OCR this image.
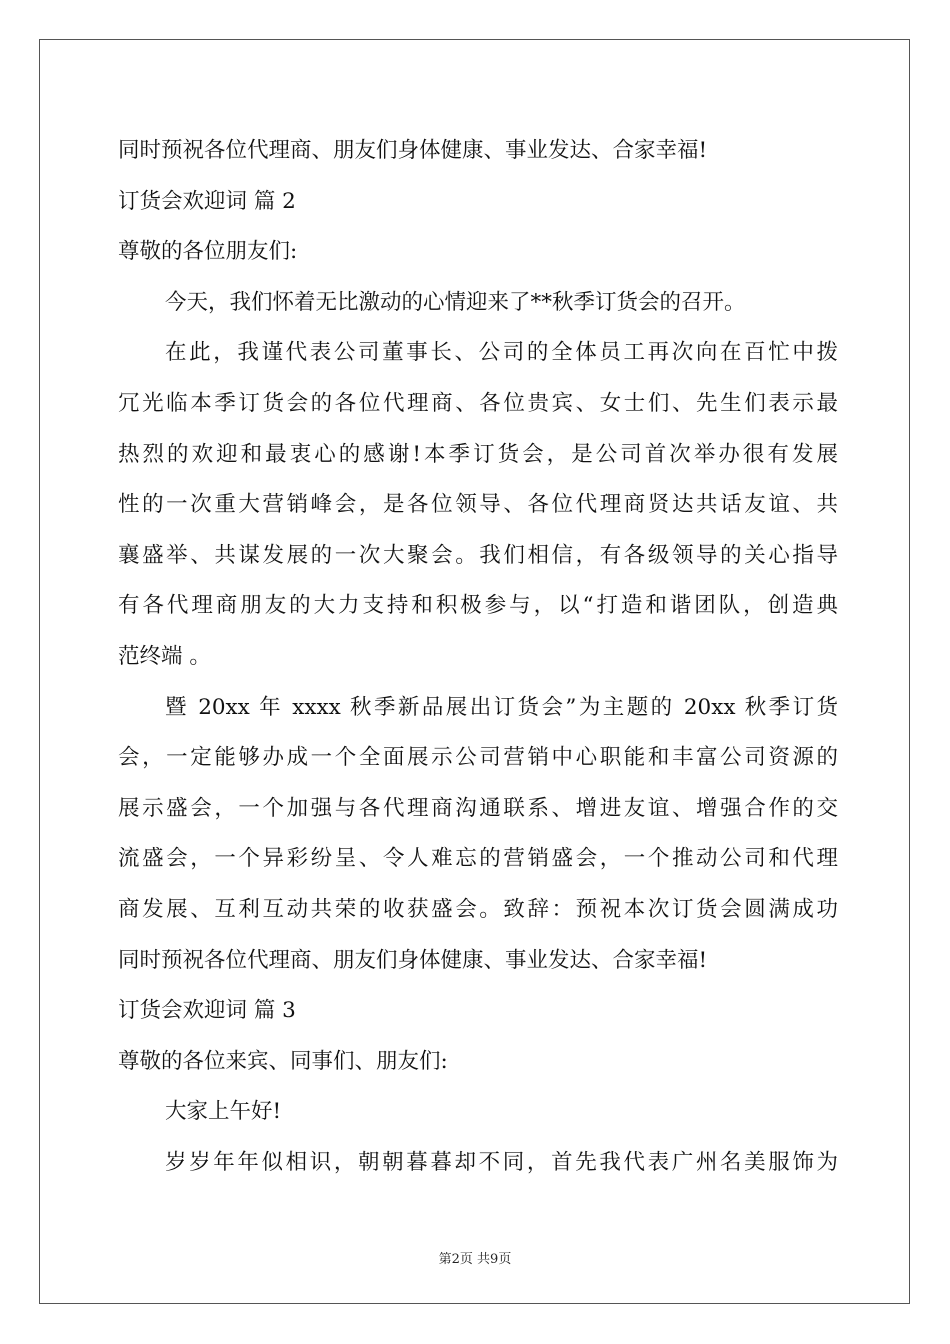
同时预祝各位代理商、朋友们身体健康、事业发达、合家幸福!
订货会欢迎词 篇 2
尊敬的各位朋友们:
今天，我们怀着无比激动的心情迎来了**秋季订货会的召开。
在此，我谨代表公司董事长、公司的全体员工再次向在百忙中拨
冗光临本季订货会的各位代理商、各位贵宾、女士们、先生们表示最
热烈的欢迎和最衷心的感谢!本季订货会，是公司首次举办很有发展
性的一次重大营销峰会，是各位领导、各位代理商贤达共话友谊、共
襄盛举、共谋发展的一次大聚会。我们相信，有各级领导的关心指导
有各代理商朋友的大力支持和积极参与，以“打造和谐团队，创造典
范终端 。
暨 20xx 年 xxxx 秋季新品展出订货会”为主题的 20xx 秋季订货
会，一定能够办成一个全面展示公司营销中心职能和丰富公司资源的
展示盛会，一个加强与各代理商沟通联系、增进友谊、增强合作的交
流盛会，一个异彩纷呈、令人难忘的营销盛会，一个推动公司和代理
商发展、互利互动共荣的收获盛会。致辞：预祝本次订货会圆满成功
同时预祝各位代理商、朋友们身体健康、事业发达、合家幸福!
订货会欢迎词 篇 3
尊敬的各位来宾、同事们、朋友们:
大家上午好!
岁岁年年似相识，朝朝暮暮却不同，首先我代表广州名美服饰为
第2页 共9页
